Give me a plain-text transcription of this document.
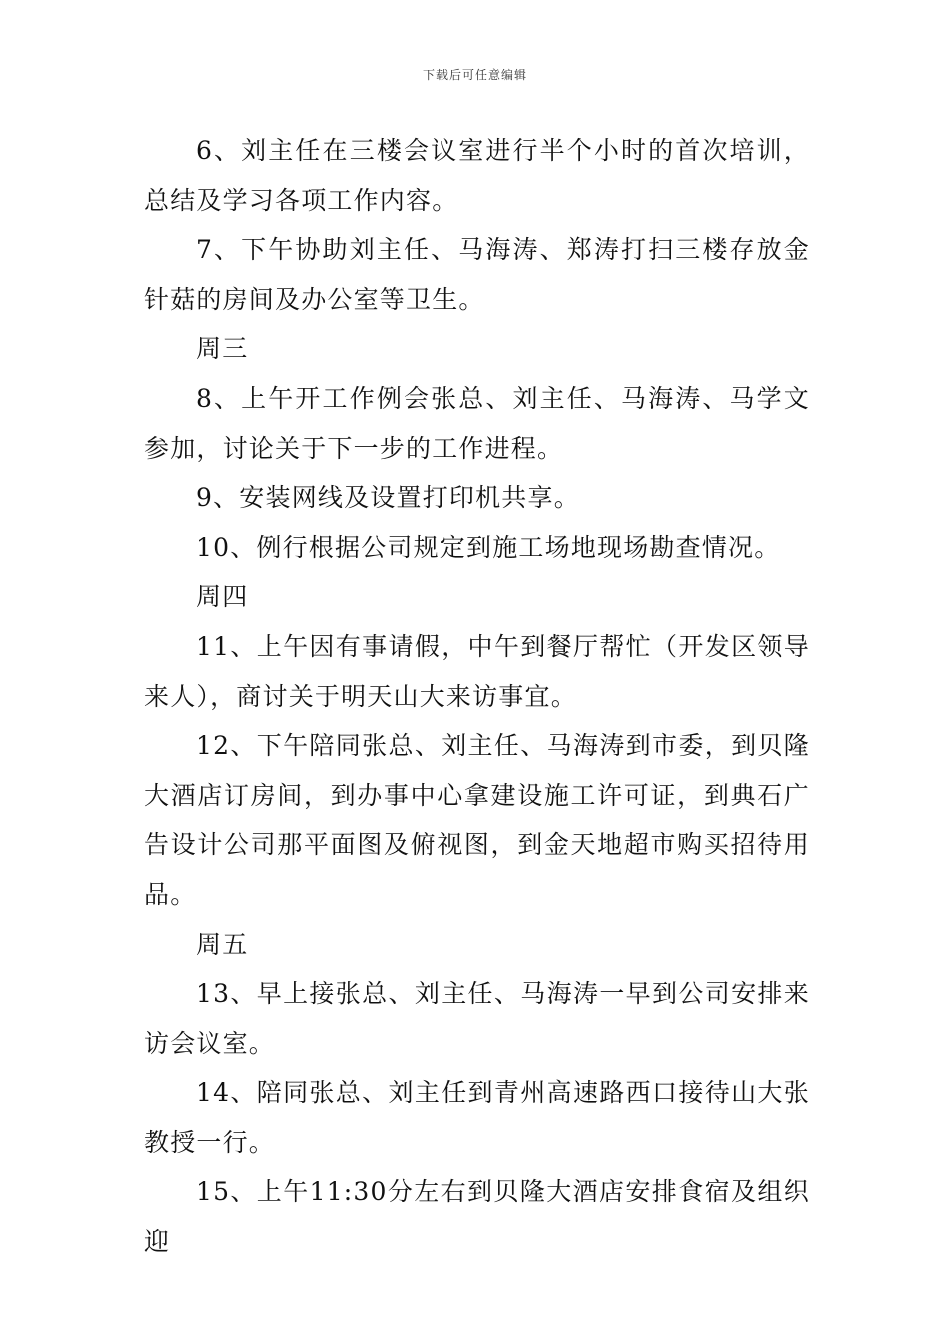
下载后可任意编辑

6、刘主任在三楼会议室进行半个小时的首次培训，总结及学习各项工作内容。

7、下午协助刘主任、马海涛、郑涛打扫三楼存放金针菇的房间及办公室等卫生。

周三

8、上午开工作例会张总、刘主任、马海涛、马学文参加，讨论关于下一步的工作进程。

9、安装网线及设置打印机共享。

10、例行根据公司规定到施工场地现场勘查情况。

周四

11、上午因有事请假，中午到餐厅帮忙（开发区领导来人），商讨关于明天山大来访事宜。

12、下午陪同张总、刘主任、马海涛到市委，到贝隆大酒店订房间，到办事中心拿建设施工许可证，到典石广告设计公司那平面图及俯视图，到金天地超市购买招待用品。

周五

13、早上接张总、刘主任、马海涛一早到公司安排来访会议室。

14、陪同张总、刘主任到青州高速路西口接待山大张教授一行。

15、上午11:30分左右到贝隆大酒店安排食宿及组织迎
